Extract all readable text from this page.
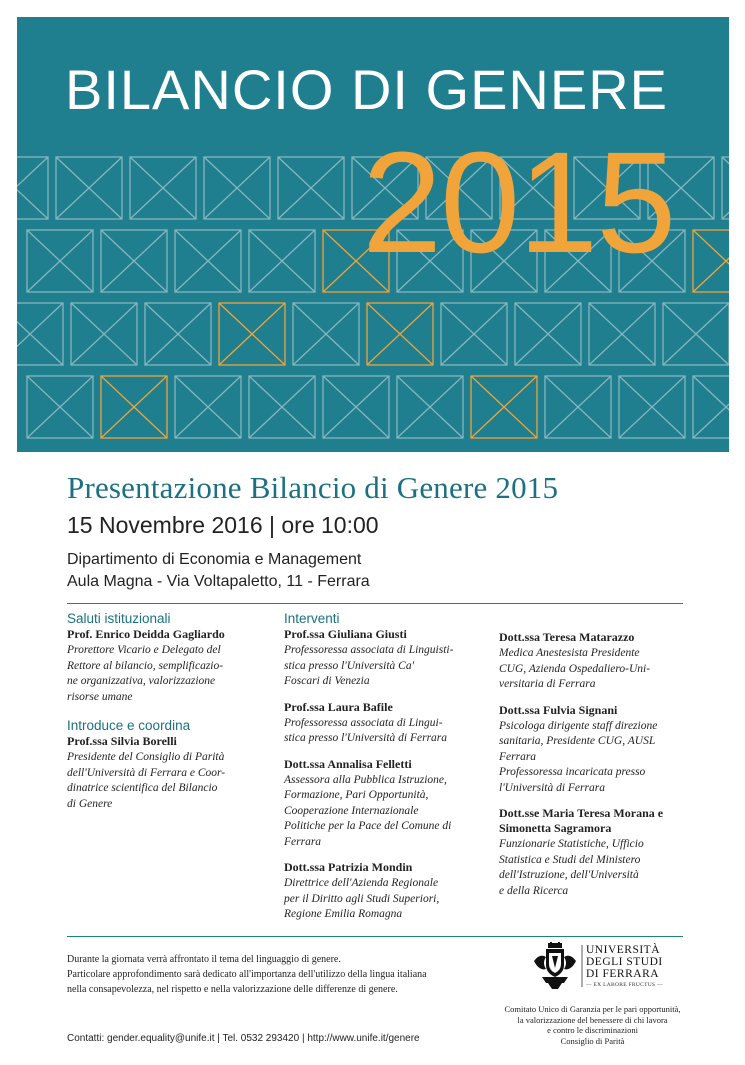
BILANCIO DI GENERE
2015
Presentazione Bilancio di Genere 2015
15 Novembre 2016 | ore 10:00
Dipartimento di Economia e Management
Aula Magna - Via Voltapaletto, 11 - Ferrara
Saluti istituzionali
Prof. Enrico Deidda Gagliardo
Prorettore Vicario e Delegato del
Rettore al bilancio, semplificazio-
ne organizzativa, valorizzazione
risorse umane
Introduce e coordina
Prof.ssa Silvia Borelli
Presidente del Consiglio di Parità
dell'Università di Ferrara e Coor-
dinatrice scientifica del Bilancio
di Genere
Interventi
Prof.ssa Giuliana Giusti
Professoressa associata di Linguisti-
stica presso l'Università Ca'
Foscari di Venezia
Prof.ssa Laura Bafile
Professoressa associata di Lingui-
stica presso l'Università di Ferrara
Dott.ssa Annalisa Felletti
Assessora alla Pubblica Istruzione,
Formazione, Pari Opportunità,
Cooperazione Internazionale
Politiche per la Pace del Comune di
Ferrara
Dott.ssa Patrizia Mondin
Direttrice dell'Azienda Regionale
per il Diritto agli Studi Superiori,
Regione Emilia Romagna
Dott.ssa Teresa Matarazzo
Medica Anestesista Presidente
CUG, Azienda Ospedaliero-Uni-
versitaria di Ferrara
Dott.ssa Fulvia Signani
Psicologa dirigente staff direzione
sanitaria, Presidente CUG, AUSL
Ferrara
Professoressa incaricata presso
l'Università di Ferrara
Dott.sse Maria Teresa Morana e
Simonetta Sagramora
Funzionarie Statistiche, Ufficio
Statistica e Studi del Ministero
dell'Istruzione, dell'Università
e della Ricerca
Durante la giornata verrà affrontato il tema del linguaggio di genere.
Particolare approfondimento sarà dedicato all'importanza dell'utilizzo della lingua italiana
nella consapevolezza, nel rispetto e nella valorizzazione delle differenze di genere.
Contatti: gender.equality@unife.it | Tel. 0532 293420 | http://www.unife.it/genere
UNIVERSITÀ
DEGLI STUDI
DI FERRARA
— EX LABORE FRUCTUS —
Comitato Unico di Garanzia per le pari opportunità,
la valorizzazione del benessere di chi lavora
e contro le discriminazioni
Consiglio di Parità
